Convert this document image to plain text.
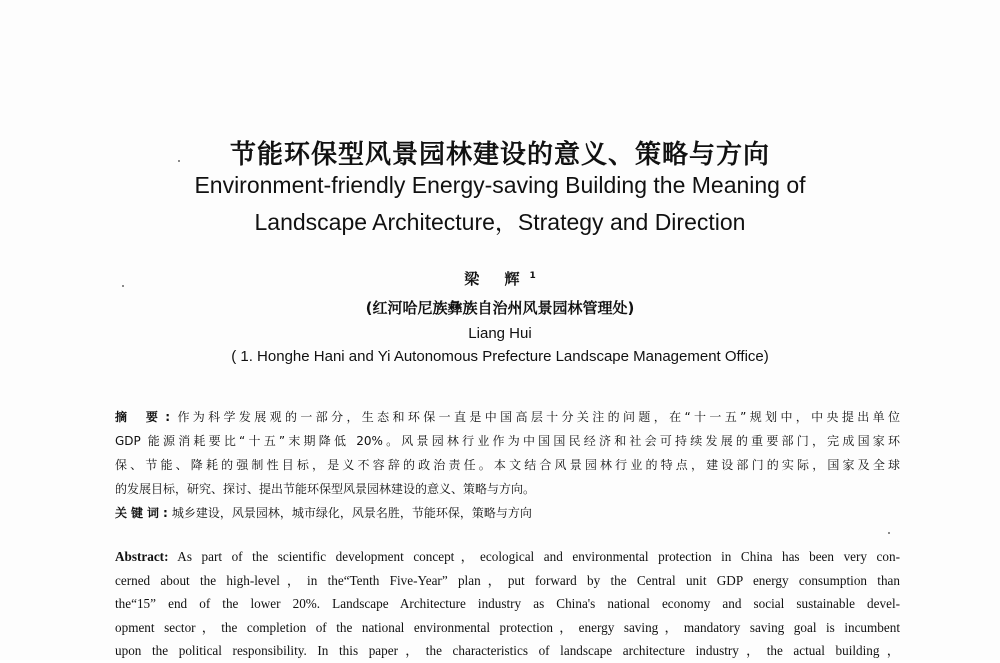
节能环保型风景园林建设的意义、策略与方向
Environment-friendly Energy-saving Building the Meaning of
Landscape Architecture，Strategy and Direction
梁 辉$^1$
(红河哈尼族彝族自治州风景园林管理处)
Liang Hui
( 1. Honghe Hani and Yi Autonomous Prefecture Landscape Management Office)
摘 要:作为科学发展观的一部分，生态和环保一直是中国高层十分关注的问题，在“十一五”规划中，中央提出单位
GDP 能源消耗要比“十五”末期降低 20%。风景园林行业作为中国国民经济和社会可持续发展的重要部门，完成国家环
保、节能、降耗的强制性目标，是义不容辞的政治责任。本文结合风景园林行业的特点，建设部门的实际，国家及全球
的发展目标，研究、探讨、提出节能环保型风景园林建设的意义、策略与方向。
关键词:城乡建设，风景园林，城市绿化，风景名胜，节能环保，策略与方向
Abstract: As part of the scientific development concept，ecological and environmental protection in China has been very con-
cerned about the high-level，in the“Tenth Five-Year” plan，put forward by the Central unit GDP energy consumption than
the“15” end of the lower 20%. Landscape Architecture industry as China's national economy and social sustainable devel-
opment sector，the completion of the national environmental protection，energy saving，mandatory saving goal is incumbent
upon the political responsibility. In this paper，the characteristics of landscape architecture industry，the actual building，
